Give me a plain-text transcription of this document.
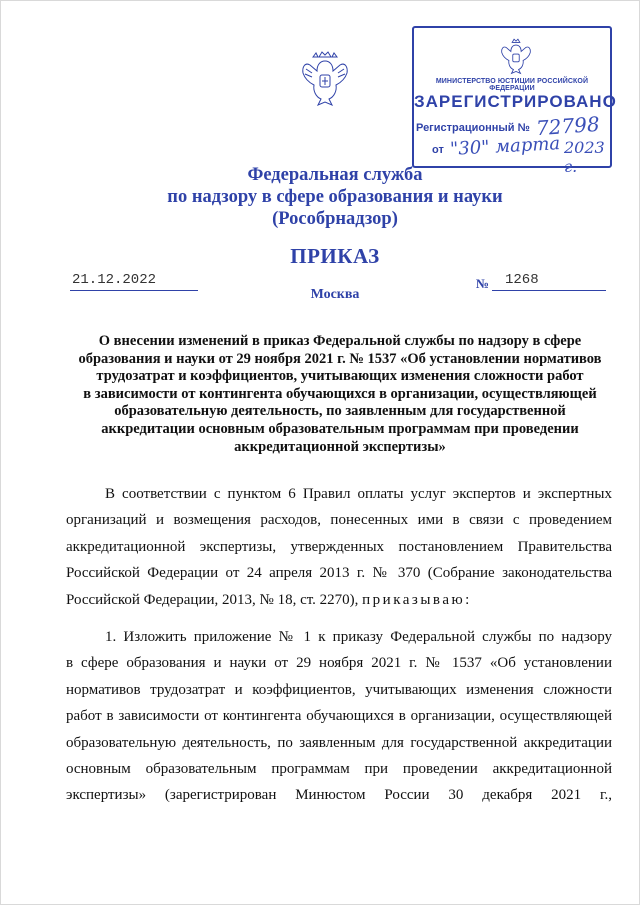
МИНИСТЕРСТВО ЮСТИЦИИ РОССИЙСКОЙ ФЕДЕРАЦИИ
ЗАРЕГИСТРИРОВАНО
Регистрационный № 72798
от "30" марта 2023 г.
Федеральная служба
по надзору в сфере образования и науки
(Рособрнадзор)
ПРИКАЗ
21.12.2022	№ 1268
Москва
О внесении изменений в приказ Федеральной службы по надзору в сфере
образования и науки от 29 ноября 2021 г. № 1537 «Об установлении нормативов
трудозатрат и коэффициентов, учитывающих изменения сложности работ
в зависимости от контингента обучающихся в организации, осуществляющей
образовательную деятельность, по заявленным для государственной
аккредитации основным образовательным программам при проведении
аккредитационной экспертизы»
В соответствии с пунктом 6 Правил оплаты услуг экспертов и экспертных
организаций и возмещения расходов, понесенных ими в связи с проведением
аккредитационной экспертизы, утвержденных постановлением Правительства
Российской Федерации от 24 апреля 2013 г. № 370 (Собрание законодательства
Российской Федерации, 2013, № 18, ст. 2270), приказываю:
1. Изложить приложение № 1 к приказу Федеральной службы по надзору
в сфере образования и науки от 29 ноября 2021 г. № 1537 «Об установлении
нормативов трудозатрат и коэффициентов, учитывающих изменения сложности
работ в зависимости от контингента обучающихся в организации, осуществляющей
образовательную деятельность, по заявленным для государственной аккредитации
основным образовательным программам при проведении аккредитационной
экспертизы» (зарегистрирован Минюстом России 30 декабря 2021 г.,
